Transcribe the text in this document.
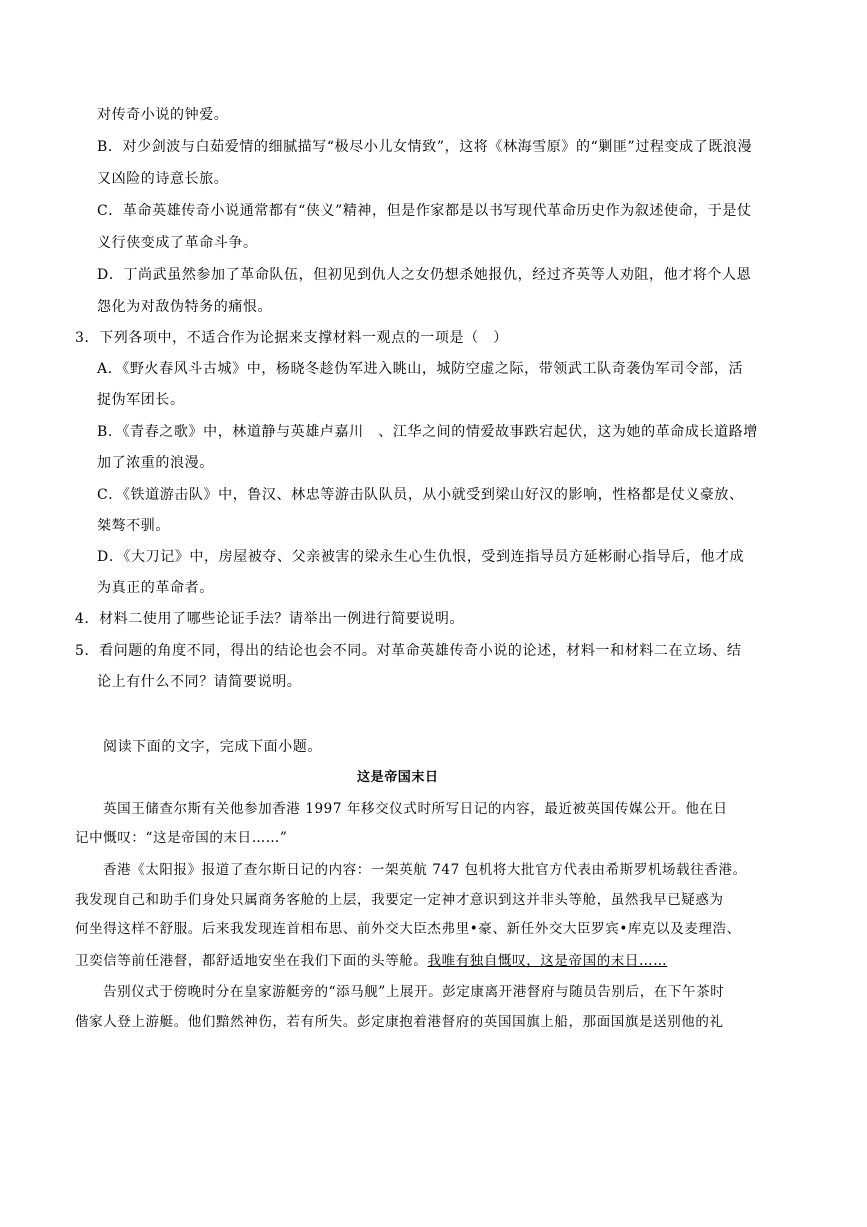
对传奇小说的钟爱。
B．对少剑波与白茹爱情的细腻描写“极尽小儿女情致”，这将《林海雪原》的“剿匪”过程变成了既浪漫
又凶险的诗意长旅。
C．革命英雄传奇小说通常都有“侠义”精神，但是作家都是以书写现代革命历史作为叙述使命，于是仗
义行侠变成了革命斗争。
D．丁尚武虽然参加了革命队伍，但初见到仇人之女仍想杀她报仇，经过齐英等人劝阻，他才将个人恩
怨化为对敌伪特务的痛恨。
3．下列各项中，不适合作为论据来支撑材料一观点的一项是（　）
A．《野火春风斗古城》中，杨晓冬趁伪军进入眺山，城防空虚之际，带领武工队奇袭伪军司令部，活
捉伪军团长。
B．《青春之歌》中，林道静与英雄卢嘉川　、江华之间的情爱故事跌宕起伏，这为她的革命成长道路增
加了浓重的浪漫。
C．《铁道游击队》中，鲁汉、林忠等游击队队员，从小就受到梁山好汉的影响，性格都是仗义豪放、
桀骜不驯。
D．《大刀记》中，房屋被夺、父亲被害的梁永生心生仇恨，受到连指导员方延彬耐心指导后，他才成
为真正的革命者。
4．材料二使用了哪些论证手法？请举出一例进行简要说明。
5．看问题的角度不同，得出的结论也会不同。对革命英雄传奇小说的论述，材料一和材料二在立场、结
论上有什么不同？请简要说明。
阅读下面的文字，完成下面小题。
这是帝国末日
英国王储查尔斯有关他参加香港 1997 年移交仪式时所写日记的内容，最近被英国传媒公开。他在日
记中慨叹：“这是帝国的末日……”
香港《太阳报》报道了查尔斯日记的内容：一架英航 747 包机将大批官方代表由希斯罗机场载往香港。
我发现自己和助手们身处只属商务客舱的上层，我要定一定神才意识到这并非头等舱，虽然我早已疑惑为
何坐得这样不舒服。后来我发现连首相布思、前外交大臣杰弗里•豪、新任外交大臣罗宾•库克以及麦理浩、
卫奕信等前任港督，都舒适地安坐在我们下面的头等舱。我唯有独自慨叹，这是帝国的末日……
告别仪式于傍晚时分在皇家游艇旁的“添马舰”上展开。彭定康离开港督府与随员告别后，在下午茶时
偕家人登上游艇。他们黯然神伤，若有所失。彭定康抱着港督府的英国国旗上船，那面国旗是送别他的礼
